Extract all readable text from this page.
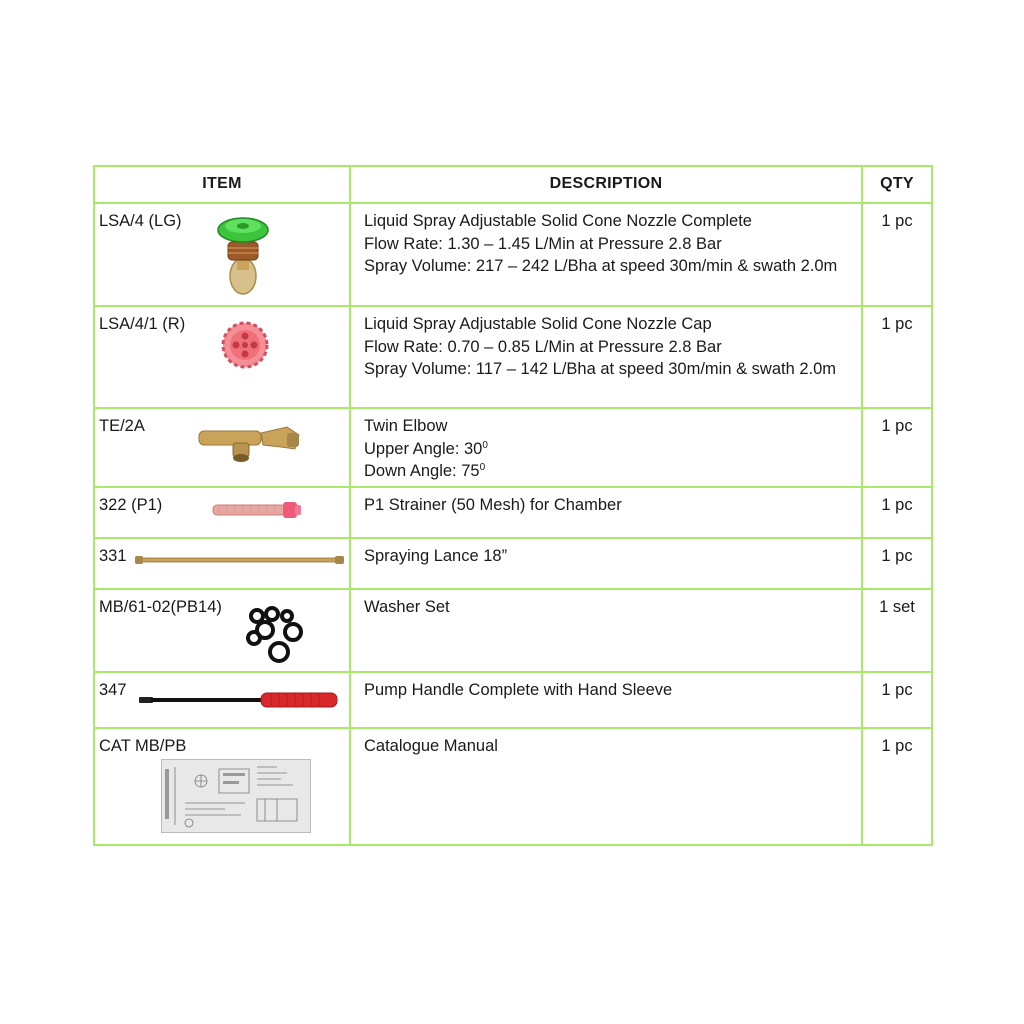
ITEM	DESCRIPTION	QTY
LSA/4 (LG)	Liquid Spray Adjustable Solid Cone Nozzle Complete
Flow Rate: 1.30 – 1.45 L/Min at Pressure 2.8 Bar
Spray Volume: 217 – 242 L/Bha at speed 30m/min & swath 2.0m	1 pc
LSA/4/1 (R)	Liquid Spray Adjustable Solid Cone Nozzle Cap
Flow Rate: 0.70 – 0.85 L/Min at Pressure 2.8 Bar
Spray Volume: 117 – 142 L/Bha at speed 30m/min & swath 2.0m	1 pc
TE/2A	Twin Elbow
Upper Angle: $30^0$
Down Angle: $75^0$	1 pc
322 (P1)	P1 Strainer (50 Mesh) for Chamber	1 pc
331	Spraying Lance 18”	1 pc
MB/61-02(PB14)	Washer Set	1 set
347	Pump Handle Complete with Hand Sleeve	1 pc
CAT MB/PB	Catalogue Manual	1 pc
